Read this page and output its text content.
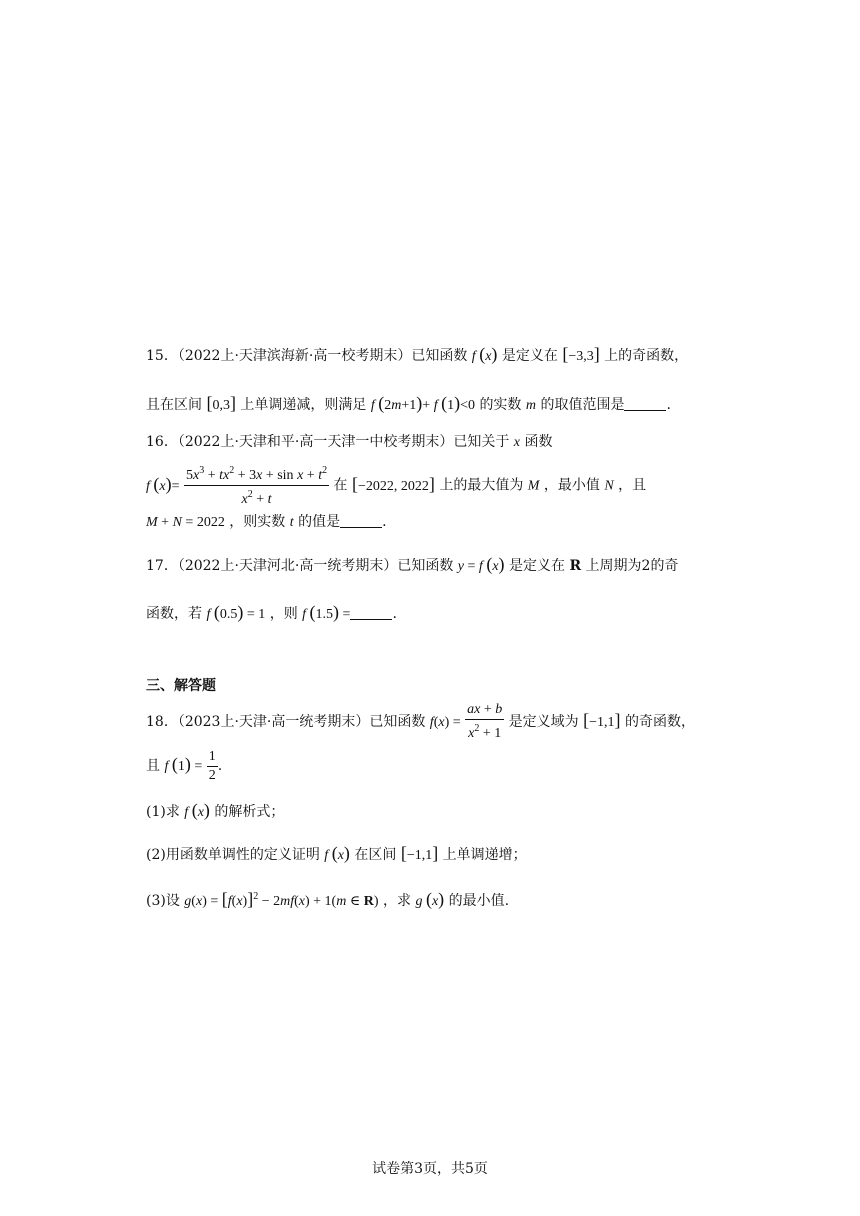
15．（2022上·天津滨海新·高一校考期末）已知函数 f (x) 是定义在 [−3,3] 上的奇函数，
且在区间 [0,3] 上单调递减，则满足 f (2m+1)+ f (1)<0 的实数 m 的取值范围是	.
16．（2022上·天津和平·高一天津一中校考期末）已知关于 x 函数
f $(x)= \frac{5x^3 + tx^2 + 3x + \sin x + t^2}{x^2 + t}$ 在 [−2022, 2022] 上的最大值为 M ，最小值 N ，且
M + N = 2022 ，则实数 t 的值是	.
17．（2022上·天津河北·高一统考期末）已知函数 y = f (x) 是定义在 R 上周期为2的奇
函数，若 f (0.5) = 1 ，则 f (1.5) =	.
三、解答题
18．（2023上·天津·高一统考期末）已知函数 $f(x) = \frac{ax + b}{x^2 + 1}$ 是定义域为 [−1,1] 的奇函数，
且 f $(1) = \frac{1}{2}$ .
(1)求 f (x) 的解析式；
(2)用函数单调性的定义证明 f (x) 在区间 [−1,1] 上单调递增；
(3)设 $g(x) = [f(x)]^2 - 2mf(x) + 1(m$ ∈ R) ，求 g (x) 的最小值.
试卷第3页，共5页
